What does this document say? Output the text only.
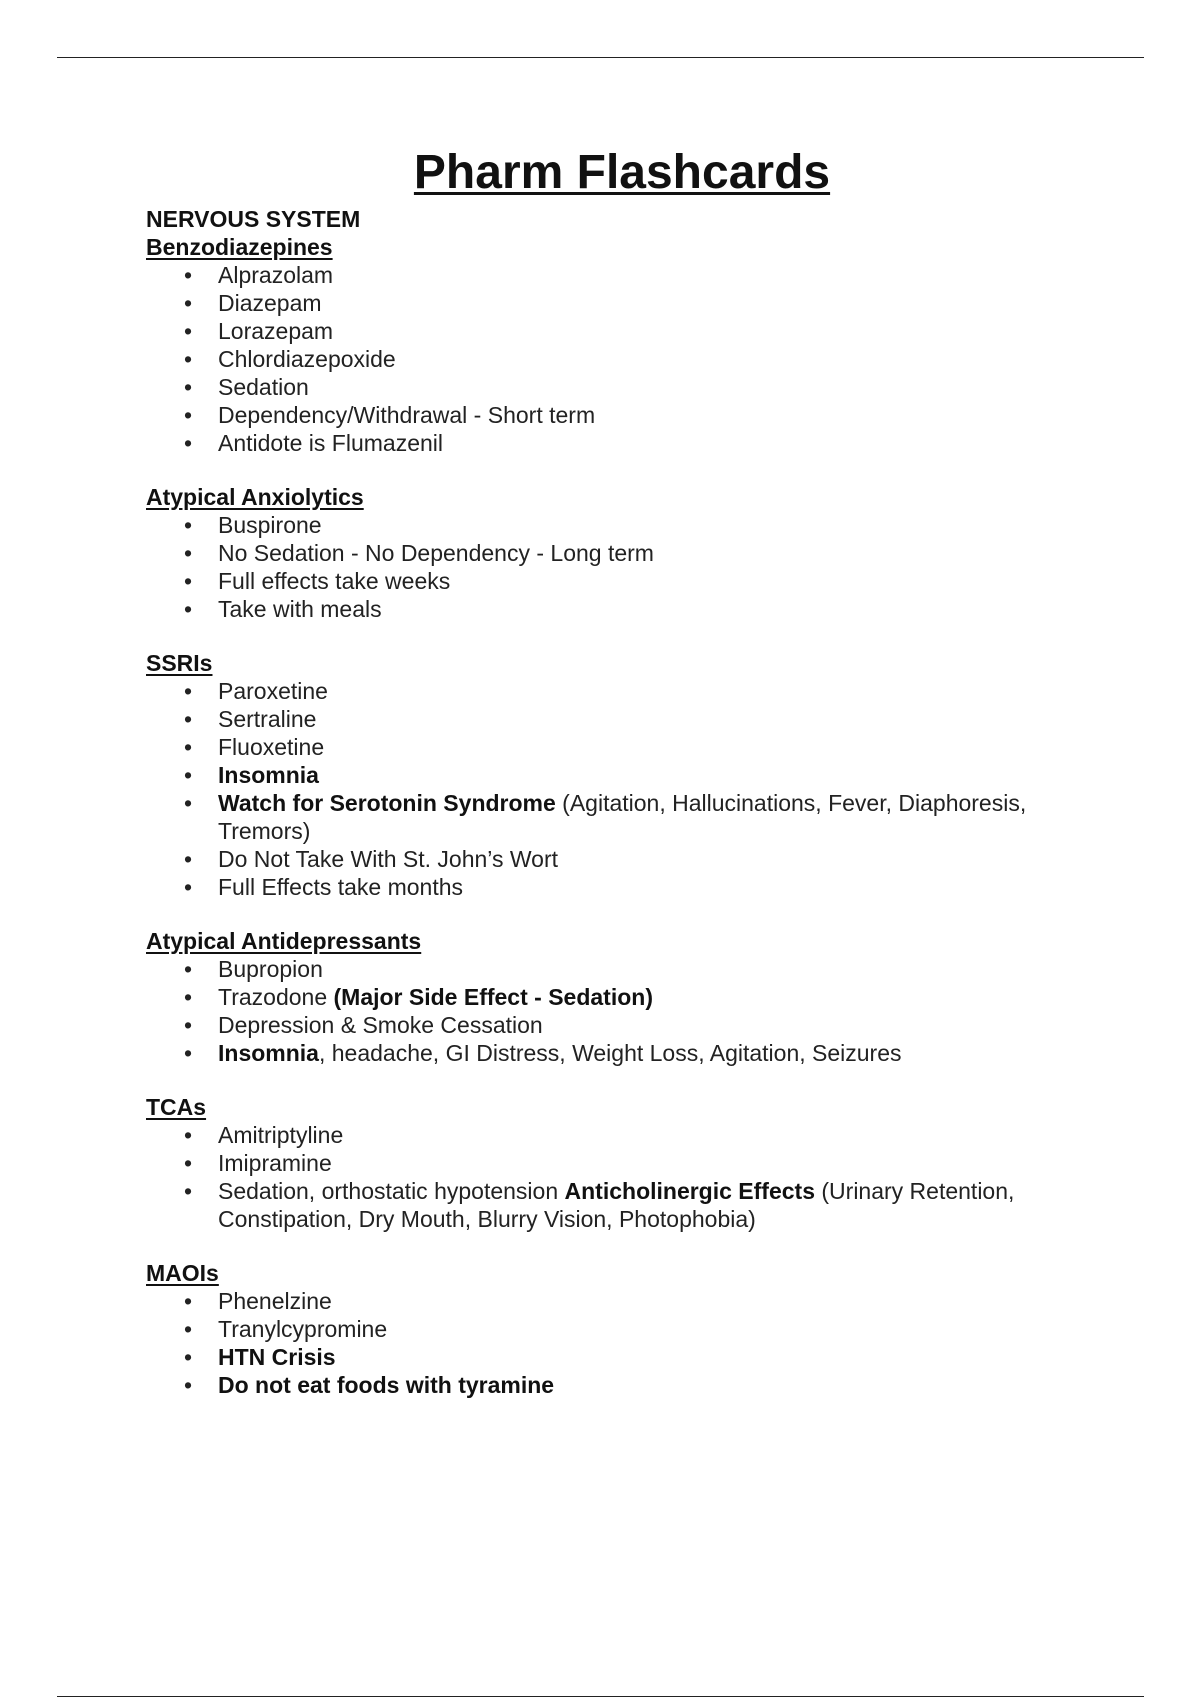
Pharm Flashcards
NERVOUS SYSTEM
Benzodiazepines
• Alprazolam
• Diazepam
• Lorazepam
• Chlordiazepoxide
• Sedation
• Dependency/Withdrawal - Short term
• Antidote is Flumazenil
Atypical Anxiolytics
• Buspirone
• No Sedation - No Dependency - Long term
• Full effects take weeks
• Take with meals
SSRIs
• Paroxetine
• Sertraline
• Fluoxetine
• Insomnia
• Watch for Serotonin Syndrome (Agitation, Hallucinations, Fever, Diaphoresis, Tremors)
• Do Not Take With St. John’s Wort
• Full Effects take months
Atypical Antidepressants
• Bupropion
• Trazodone (Major Side Effect - Sedation)
• Depression & Smoke Cessation
• Insomnia, headache, GI Distress, Weight Loss, Agitation, Seizures
TCAs
• Amitriptyline
• Imipramine
• Sedation, orthostatic hypotension Anticholinergic Effects (Urinary Retention, Constipation, Dry Mouth, Blurry Vision, Photophobia)
MAOIs
• Phenelzine
• Tranylcypromine
• HTN Crisis
• Do not eat foods with tyramine
